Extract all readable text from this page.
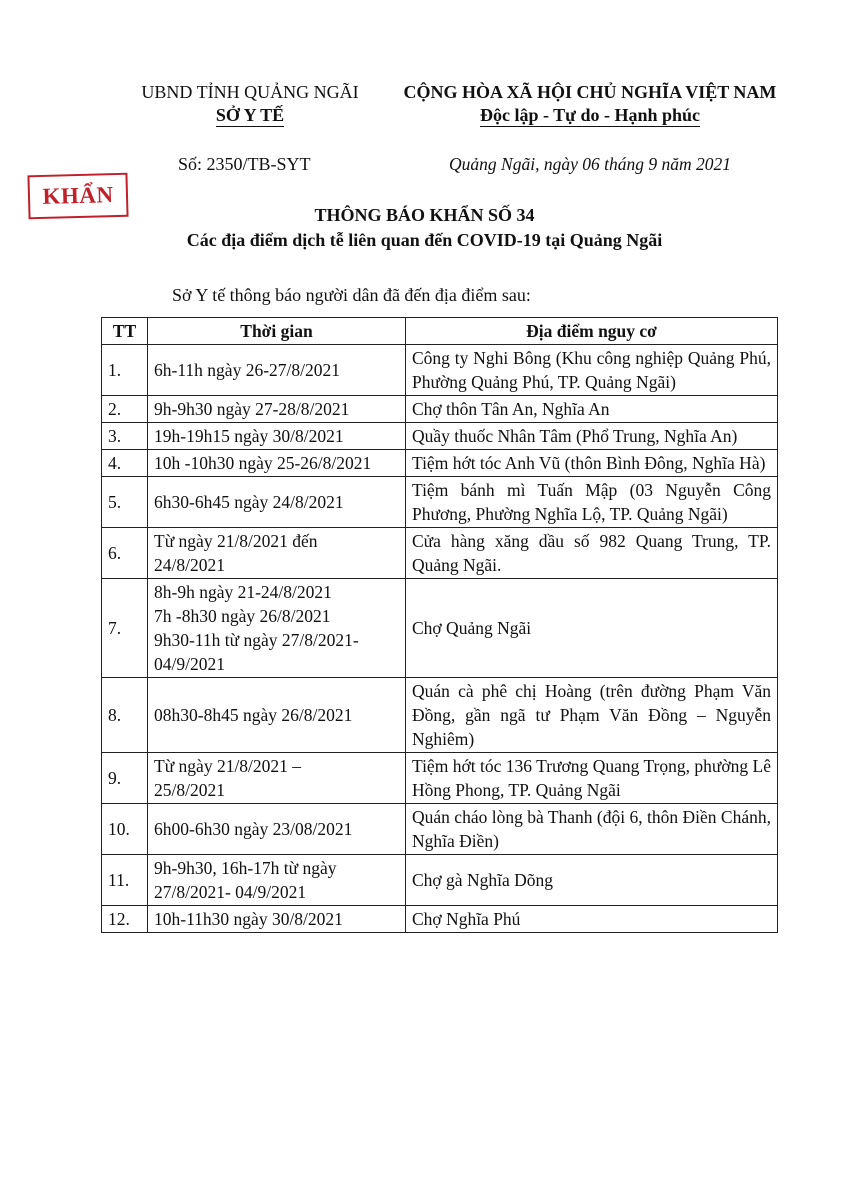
UBND TỈNH QUẢNG NGÃI
SỞ Y TẾ
CỘNG HÒA XÃ HỘI CHỦ NGHĨA VIỆT NAM
Độc lập - Tự do - Hạnh phúc
Số: 2350/TB-SYT	Quảng Ngãi, ngày 06 tháng 9 năm 2021
KHẨN
THÔNG BÁO KHẨN SỐ 34
Các địa điểm dịch tễ liên quan đến COVID-19 tại Quảng Ngãi
Sở Y tế thông báo người dân đã đến địa điểm sau:
TT	Thời gian	Địa điểm nguy cơ
1.	6h-11h ngày 26-27/8/2021	Công ty Nghi Bông (Khu công nghiệp Quảng Phú, Phường Quảng Phú, TP. Quảng Ngãi)
2.	9h-9h30 ngày 27-28/8/2021	Chợ thôn Tân An, Nghĩa An
3.	19h-19h15 ngày 30/8/2021	Quầy thuốc Nhân Tâm (Phổ Trung, Nghĩa An)
4.	10h -10h30 ngày 25-26/8/2021	Tiệm hớt tóc Anh Vũ (thôn Bình Đông, Nghĩa Hà)
5.	6h30-6h45 ngày 24/8/2021	Tiệm bánh mì Tuấn Mập (03 Nguyễn Công Phương, Phường Nghĩa Lộ, TP. Quảng Ngãi)
6.	Từ ngày 21/8/2021 đến
24/8/2021	Cửa hàng xăng dầu số 982 Quang Trung, TP. Quảng Ngãi.
7.	8h-9h ngày 21-24/8/2021
7h -8h30 ngày 26/8/2021
9h30-11h từ ngày 27/8/2021-
04/9/2021	Chợ Quảng Ngãi
8.	08h30-8h45 ngày 26/8/2021	Quán cà phê chị Hoàng (trên đường Phạm Văn Đồng, gần ngã tư Phạm Văn Đồng – Nguyễn Nghiêm)
9.	Từ ngày 21/8/2021 –
25/8/2021	Tiệm hớt tóc 136 Trương Quang Trọng, phường Lê Hồng Phong, TP. Quảng Ngãi
10.	6h00-6h30 ngày 23/08/2021	Quán cháo lòng bà Thanh (đội 6, thôn Điền Chánh, Nghĩa Điền)
11.	9h-9h30, 16h-17h từ ngày
27/8/2021- 04/9/2021	Chợ gà Nghĩa Dõng
12.	10h-11h30 ngày 30/8/2021	Chợ Nghĩa Phú
